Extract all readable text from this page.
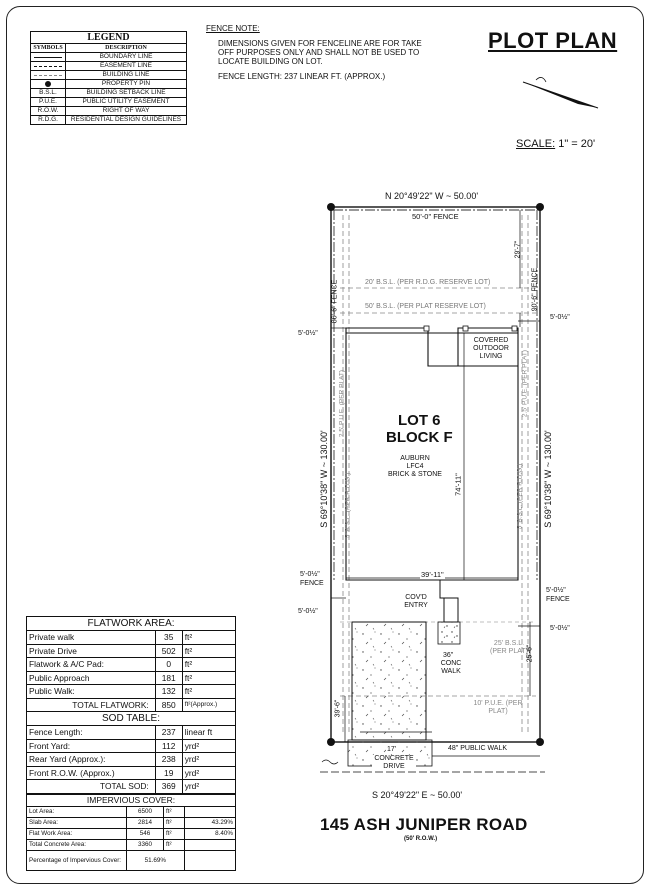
LEGEND
SYMBOLS	DESCRIPTION
BOUNDARY LINE
EASEMENT LINE
BUILDING LINE
PROPERTY PIN
B.S.L.	BUILDING SETBACK LINE
P.U.E.	PUBLIC UTILITY EASEMENT
R.O.W.	RIGHT OF WAY
R.D.G.	RESIDENTIAL DESIGN GUIDELINES
FENCE NOTE:
DIMENSIONS GIVEN FOR FENCELINE ARE FOR TAKE OFF PURPOSES ONLY AND SHALL NOT BE USED TO LOCATE BUILDING ON LOT.
FENCE LENGTH: 237 LINEAR FT. (APPROX.)
PLOT PLAN
SCALE: 1" = 20'
N 20°49'22" W ~ 50.00'
S 20°49'22" E ~ 50.00'
50'-0" FENCE
20' B.S.L. (PER R.D.G. RESERVE LOT)
50' B.S.L. (PER PLAT RESERVE LOT)
S 69°10'38" W ~ 130.00'	S 69°10'38" W ~ 130.00'
86'-6" FENCE	90'-6" FENCE
29'-7"
5'-0½"
5'-0½"
COVERED OUTDOOR LIVING
LOT 6
BLOCK F
AUBURN
LFC4
BRICK & STONE	74'-11"
39'-11"
2.5' P.U.E. (PER PLAT)	2.5' P.U.E. (PER PLAT)
5' B.S.L. (PER R.D.G.)	5' B.S.L. (PER R.D.G.)
5'-0½"
FENCE
5'-0½"
FENCE
5'-0½"
5'-0½"
COV'D ENTRY
36"
CONC WALK
25' B.S.L. (PER PLAT)
10' P.U.E. (PER PLAT)
25'-6"
39'-6"
17'
CONCRETE DRIVE
48" PUBLIC WALK
145 ASH JUNIPER ROAD
(50' R.O.W.)
FLATWORK AREA:		
Private walk	35	ft²
Private Drive	502	ft²
Flatwork & A/C Pad:	0	ft²
Public Approach	181	ft²
Public Walk:	132	ft²
TOTAL FLATWORK:	850	ft²(Approx.)
SOD TABLE:		
Fence Length:	237	linear ft
Front Yard:	112	yrd²
Rear Yard (Approx.):	238	yrd²
Front R.O.W. (Approx.)	19	yrd²
TOTAL SOD:	369	yrd²
IMPERVIOUS COVER:			
Lot Area:	6500	ft²	
Slab Area:	2814	ft²	43.29%
Flat Work Area:	546	ft²	8.40%
Total Concrete Area:	3360	ft²	
Percentage of Impervious Cover:	51.69%		
